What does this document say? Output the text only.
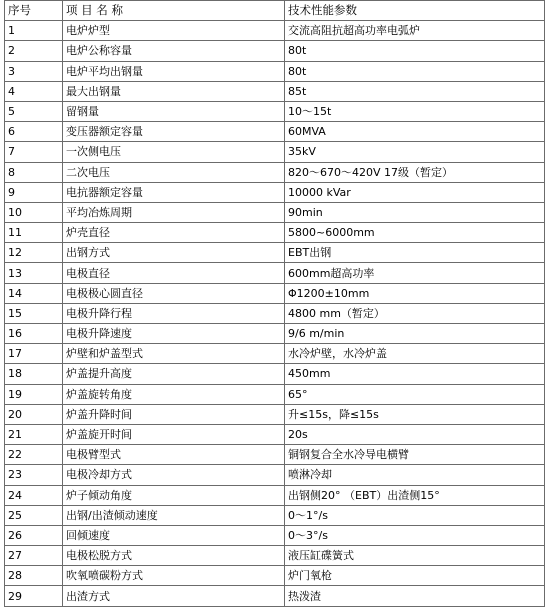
序号	项 目 名 称	技术性能参数
1	电炉炉型	交流高阻抗超高功率电弧炉
2	电炉公称容量	80t
3	电炉平均出钢量	80t
4	最大出钢量	85t
5	留钢量	10～15t
6	变压器额定容量	60MVA
7	一次侧电压	35kV
8	二次电压	820～670～420V 17级（暂定）
9	电抗器额定容量	10000 kVar
10	平均冶炼周期	90min
11	炉壳直径	5800~6000mm
12	出钢方式	EBT出钢
13	电极直径	600mm超高功率
14	电极极心圆直径	Φ1200±10mm
15	电极升降行程	4800 mm（暂定）
16	电极升降速度	9/6 m/min
17	炉壁和炉盖型式	水冷炉壁，水冷炉盖
18	炉盖提升高度	450mm
19	炉盖旋转角度	65°
20	炉盖升降时间	升≤15s，降≤15s
21	炉盖旋开时间	20s
22	电极臂型式	铜钢复合全水冷导电横臂
23	电极冷却方式	喷淋冷却
24	炉子倾动角度	出钢侧20° （EBT）出渣侧15°
25	出钢/出渣倾动速度	0～1°/s
26	回倾速度	0～3°/s
27	电极松脱方式	液压缸碟簧式
28	吹氧喷碳粉方式	炉门氧枪
29	出渣方式	热泼渣
